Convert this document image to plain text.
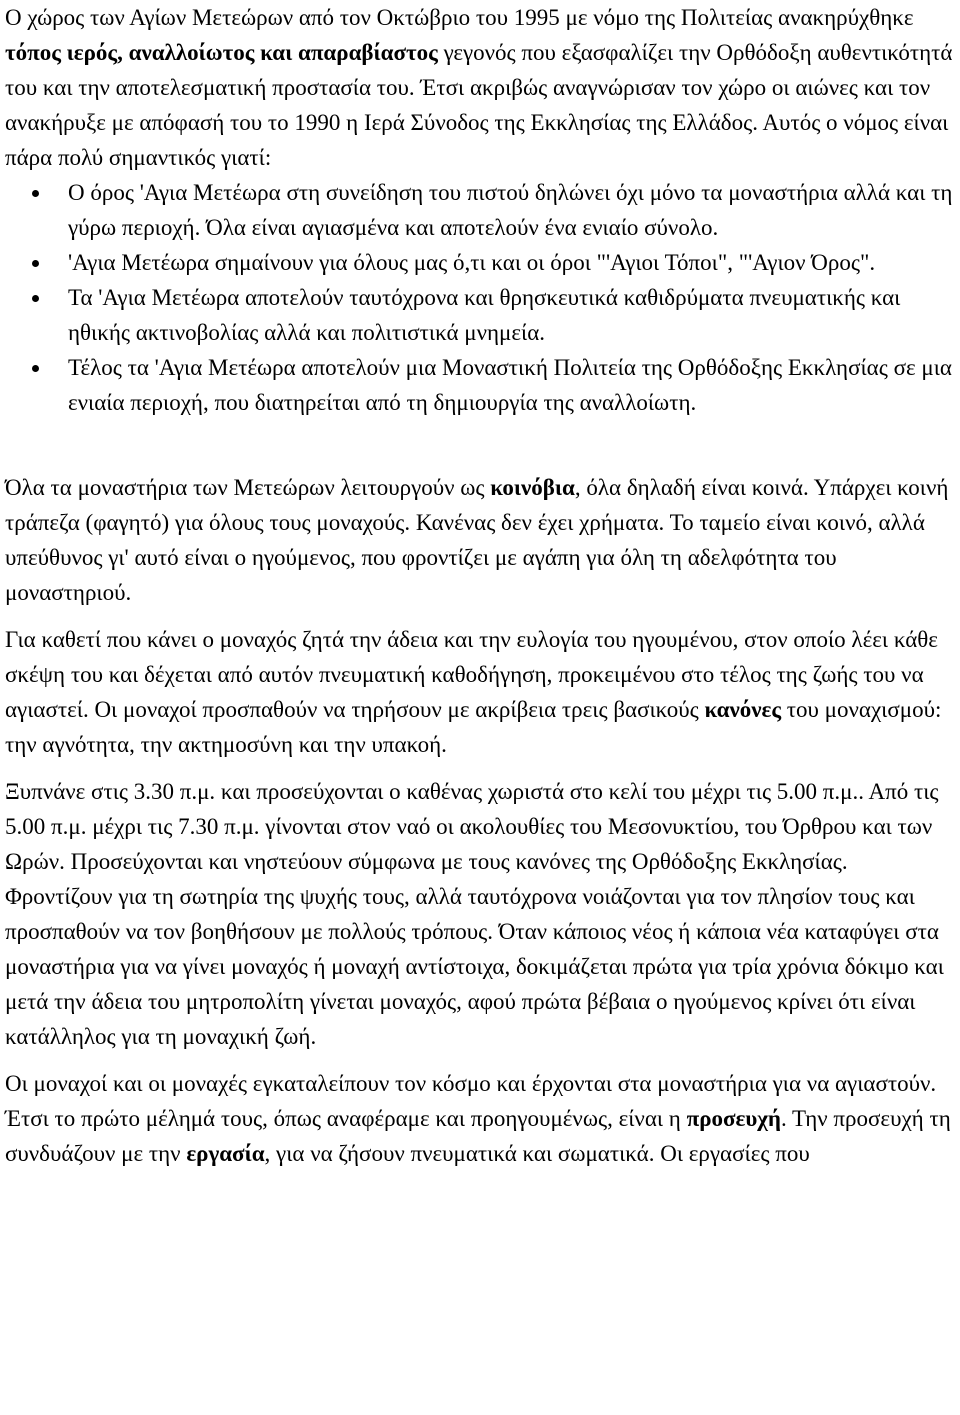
Ο χώρος των Αγίων Μετεώρων από τον Οκτώβριο του 1995 με νόμο της Πολιτείας ανακηρύχθηκε τόπος ιερός, αναλλοίωτος και απαραβίαστος γεγονός που εξασφαλίζει την Ορθόδοξη αυθεντικότητά του και την αποτελεσματική προστασία του. Έτσι ακριβώς αναγνώρισαν τον χώρο οι αιώνες και τον ανακήρυξε με απόφασή του το 1990 η Ιερά Σύνοδος της Εκκλησίας της Ελλάδος. Αυτός ο νόμος είναι πάρα πολύ σημαντικός γιατί:

Ο όρος 'Αγια Μετέωρα στη συνείδηση του πιστού δηλώνει όχι μόνο τα μοναστήρια αλλά και τη γύρω περιοχή. Όλα είναι αγιασμένα και αποτελούν ένα ενιαίο σύνολο.
'Αγια Μετέωρα σημαίνουν για όλους μας ό,τι και οι όροι "'Αγιοι Τόποι", "'Αγιον Όρος".
Τα 'Αγια Μετέωρα αποτελούν ταυτόχρονα και θρησκευτικά καθιδρύματα πνευματικής και ηθικής ακτινοβολίας αλλά και πολιτιστικά μνημεία.
Τέλος τα 'Αγια Μετέωρα αποτελούν μια Μοναστική Πολιτεία της Ορθόδοξης Εκκλησίας σε μια ενιαία περιοχή, που διατηρείται από τη δημιουργία της αναλλοίωτη.

Όλα τα μοναστήρια των Μετεώρων λειτουργούν ως κοινόβια, όλα δηλαδή είναι κοινά. Υπάρχει κοινή τράπεζα (φαγητό) για όλους τους μοναχούς. Κανένας δεν έχει χρήματα. Το ταμείο είναι κοινό, αλλά υπεύθυνος γι' αυτό είναι ο ηγούμενος, που φροντίζει με αγάπη για όλη τη αδελφότητα του μοναστηριού.

Για καθετί που κάνει ο μοναχός ζητά την άδεια και την ευλογία του ηγουμένου, στον οποίο λέει κάθε σκέψη του και δέχεται από αυτόν πνευματική καθοδήγηση, προκειμένου στο τέλος της ζωής του να αγιαστεί. Οι μοναχοί προσπαθούν να τηρήσουν με ακρίβεια τρεις βασικούς κανόνες του μοναχισμού: την αγνότητα, την ακτημοσύνη και την υπακοή.

Ξυπνάνε στις 3.30 π.μ. και προσεύχονται ο καθένας χωριστά στο κελί του μέχρι τις 5.00 π.μ.. Από τις 5.00 π.μ. μέχρι τις 7.30 π.μ. γίνονται στον ναό οι ακολουθίες του Μεσονυκτίου, του Όρθρου και των Ωρών. Προσεύχονται και νηστεύουν σύμφωνα με τους κανόνες της Ορθόδοξης Εκκλησίας. Φροντίζουν για τη σωτηρία της ψυχής τους, αλλά ταυτόχρονα νοιάζονται για τον πλησίον τους και προσπαθούν να τον βοηθήσουν με πολλούς τρόπους. Όταν κάποιος νέος ή κάποια νέα καταφύγει στα μοναστήρια για να γίνει μοναχός ή μοναχή αντίστοιχα, δοκιμάζεται πρώτα για τρία χρόνια δόκιμο και μετά την άδεια του μητροπολίτη γίνεται μοναχός, αφού πρώτα βέβαια ο ηγούμενος κρίνει ότι είναι κατάλληλος για τη μοναχική ζωή.

Οι μοναχοί και οι μοναχές εγκαταλείπουν τον κόσμο και έρχονται στα μοναστήρια για να αγιαστούν. Έτσι το πρώτο μέλημά τους, όπως αναφέραμε και προηγουμένως, είναι η προσευχή. Την προσευχή τη συνδυάζουν με την εργασία, για να ζήσουν πνευματικά και σωματικά. Οι εργασίες που
